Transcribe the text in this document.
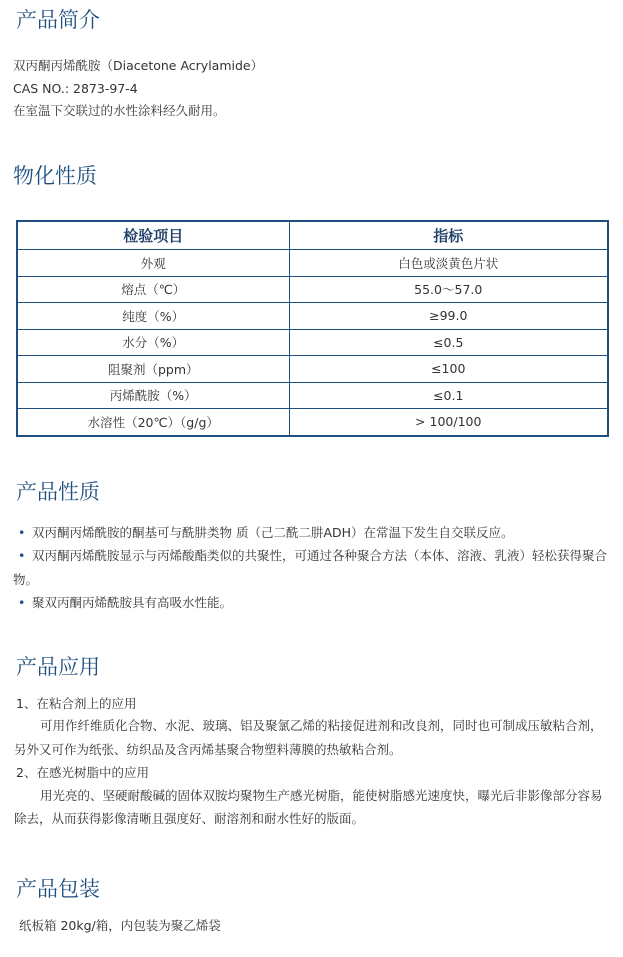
产品简介

双丙酮丙烯酰胺（Diacetone Acrylamide）

CAS NO.: 2873-97-4

在室温下交联过的水性涂料经久耐用。

物化性质
检验项目	指标
外观	白色或淡黄色片状
熔点（℃）	55.0～57.0
纯度（%）	≥99.0
水分（%）	≤0.5
阻聚剂（ppm）	≤100
丙烯酰胺（%）	≤0.1
水溶性（20℃）（g/g）	> 100/100
产品性质

• 双丙酮丙烯酰胺的酮基可与酰肼类物 质（己二酰二肼ADH）在常温下发生自交联反应。

• 双丙酮丙烯酰胺显示与丙烯酸酯类似的共聚性，可通过各种聚合方法（本体、溶液、乳液）轻松获得聚合

物。

• 聚双丙酮丙烯酰胺具有高吸水性能。

产品应用

1、在粘合剂上的应用

可用作纤维质化合物、水泥、玻璃、铝及聚氯乙烯的粘接促进剂和改良剂，同时也可制成压敏粘合剂，

另外又可作为纸张、纺织品及含丙烯基聚合物塑料薄膜的热敏粘合剂。

2、在感光树脂中的应用

用光亮的、坚硬耐酸碱的固体双胺均聚物生产感光树脂，能使树脂感光速度快，曝光后非影像部分容易

除去，从而获得影像清晰且强度好、耐溶剂和耐水性好的版面。

产品包装

纸板箱 20kg/箱，内包装为聚乙烯袋
